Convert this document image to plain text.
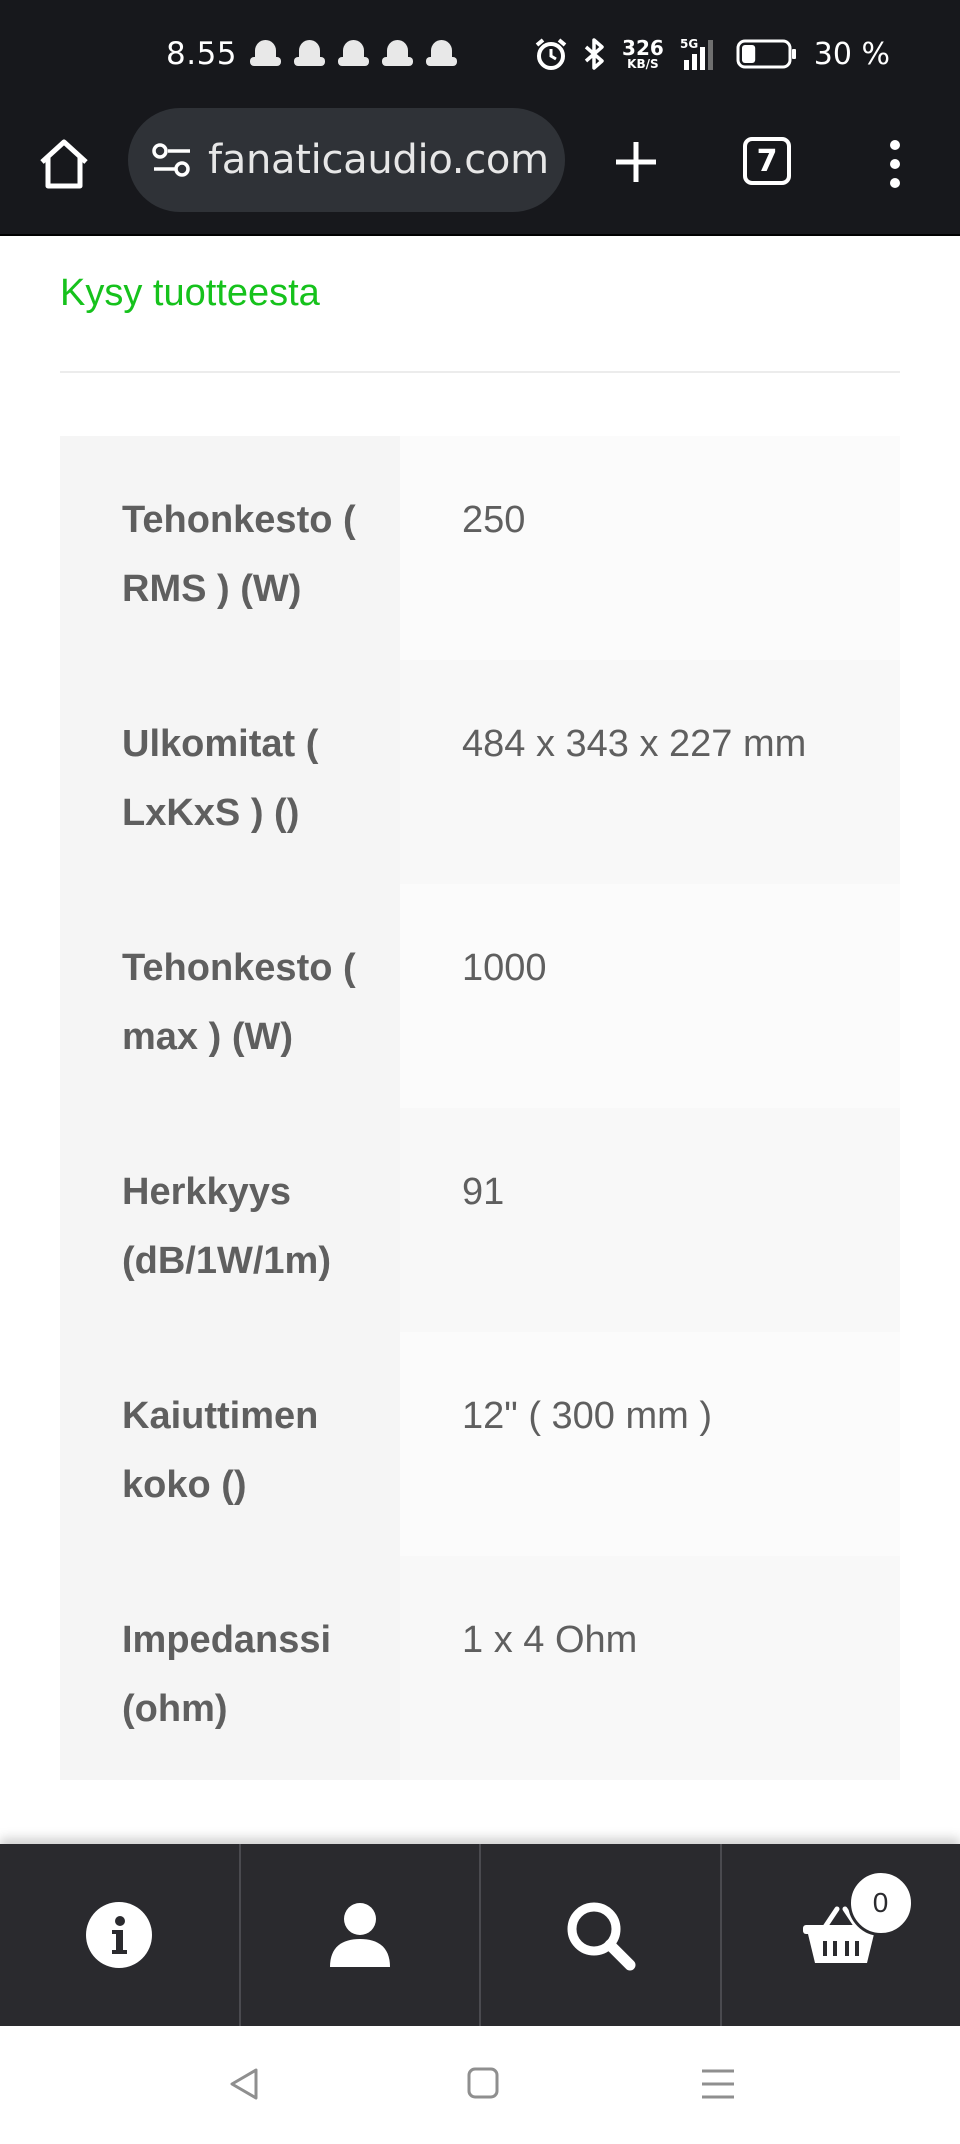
8.55	326
KB/S
5G	30 %
fanaticaudio.com	7
Kysy tuotteesta
Tehonkesto ( RMS ) (W)	250
Ulkomitat ( LxKxS ) ()	484 x 343 x 227 mm
Tehonkesto ( max ) (W)	1000
Herkkyys (dB/1W/1m)	91
Kaiuttimen koko ()	12" ( 300 mm )
Impedanssi (ohm)	1 x 4 Ohm
0
